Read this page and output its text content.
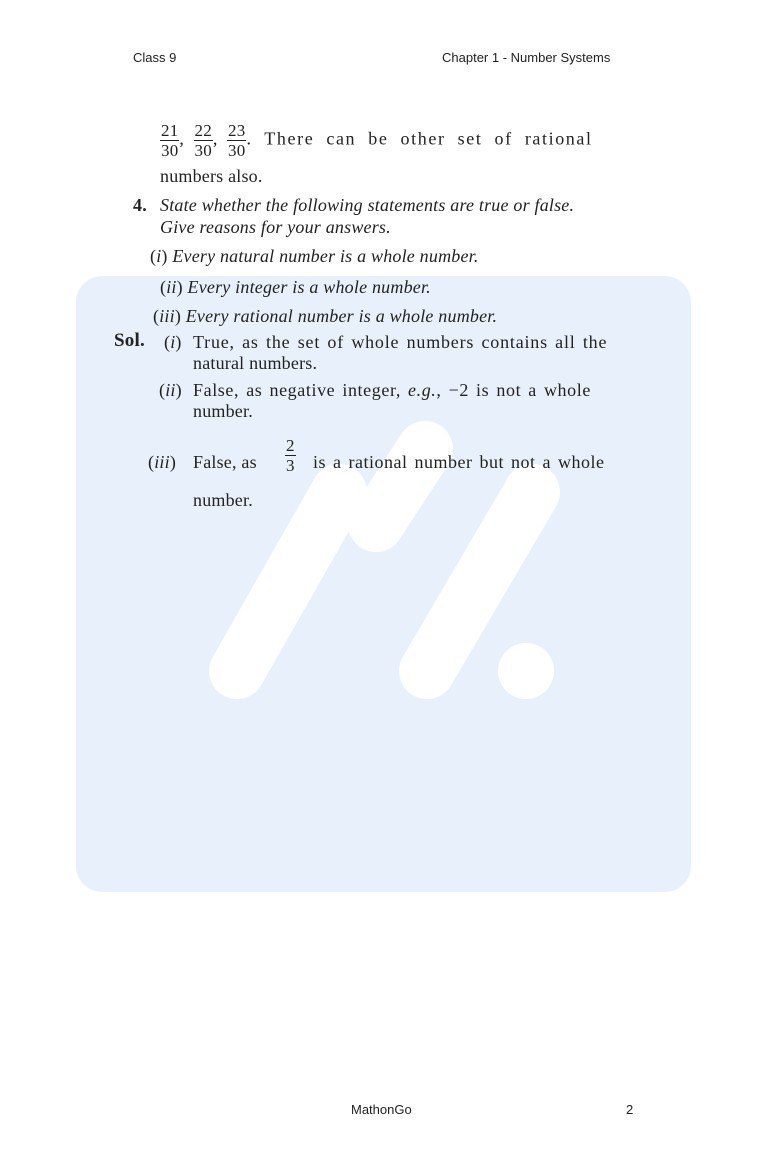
Class 9	Chapter 1 - Number Systems
$\frac{21}{30}$ , $\frac{22}{30}$ , $\frac{23}{30}$ . There can be other set of rational
numbers also.
4. State whether the following statements are true or false.
Give reasons for your answers.
(i) Every natural number is a whole number.
(ii) Every integer is a whole number.
(iii) Every rational number is a whole number.
Sol. (i) True, as the set of whole numbers contains all the
natural numbers.
(ii) False, as negative integer, e.g., −2 is not a whole
number.
(iii) False, as $\frac{2}{3}$ is a rational number but not a whole
number.
MathonGo	2
